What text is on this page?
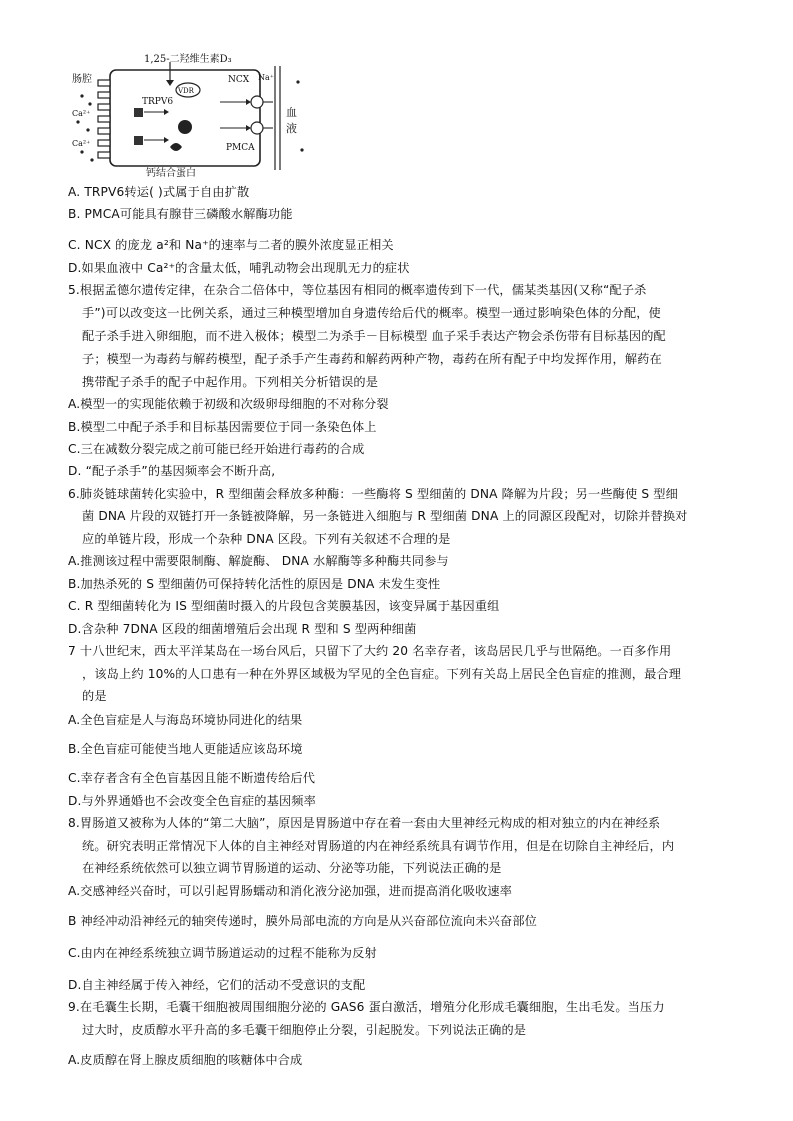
1,25-二羟维生素D₃
肠腔
VDR
TRPV6
NCX Na⁺
PMCA
Ca²⁺
Ca²⁺
血
液
钙结合蛋白
A. TRPV6转运( )式属于自由扩散
B. PMCA可能具有腺苷三磷酸水解酶功能
C. NCX 的庞龙 a²和 Na⁺的速率与二者的膜外浓度显正相关
D.如果血液中 Ca²⁺的含量太低，哺乳动物会出现肌无力的症状
5.根据孟德尔遗传定律，在杂合二倍体中，等位基因有相同的概率遗传到下一代，儒某类基因(又称“配子杀
手”)可以改变这一比例关系，通过三种模型增加自身遗传给后代的概率。模型一通过影响染色体的分配，使
配子杀手进入卵细胞，而不进入极体；模型二为杀手－目标模型 血子采手表达产物会杀伤带有目标基因的配
子；模型一为毒药与解药模型，配子杀手产生毒药和解药两种产物，毒药在所有配子中均发挥作用，解药在
携带配子杀手的配子中起作用。下列相关分析错误的是
A.模型一的实现能依赖于初级和次级卵母细胞的不对称分裂
B.模型二中配子杀手和目标基因需要位于同一条染色体上
C.三在减数分裂完成之前可能已经开始进行毒药的合成
D. “配子杀手”的基因频率会不断升高,
6.肺炎链球菌转化实验中，R 型细菌会释放多种酶：一些酶将 S 型细菌的 DNA 降解为片段；另一些酶使 S 型细
菌 DNA 片段的双链打开一条链被降解，另一条链进入细胞与 R 型细菌 DNA 上的同源区段配对，切除并替换对
应的单链片段，形成一个杂种 DNA 区段。下列有关叙述不合理的是
A.推测该过程中需要限制酶、解旋酶、 DNA 水解酶等多种酶共同参与
B.加热杀死的 S 型细菌仍可保持转化活性的原因是 DNA 未发生变性
C. R 型细菌转化为 IS 型细菌时摄入的片段包含荚膜基因，该变异属于基因重组
D.含杂种 7DNA 区段的细菌增殖后会出现 R 型和 S 型两种细菌
7 十八世纪末，西太平洋某岛在一场台风后，只留下了大约 20 名幸存者，该岛居民几乎与世隔绝。一百多作用
，该岛上约 10%的人口患有一种在外界区域极为罕见的全色盲症。下列有关岛上居民全色盲症的推测，最合理
的是
A.全色盲症是人与海岛环境协同进化的结果
B.全色盲症可能使当地人更能适应该岛环境
C.幸存者含有全色盲基因且能不断遗传给后代
D.与外界通婚也不会改变全色盲症的基因频率
8.胃肠道又被称为人体的“第二大脑”，原因是胃肠道中存在着一套由大里神经元构成的相对独立的内在神经系
统。研究表明正常情况下人体的自主神经对胃肠道的内在神经系统具有调节作用，但是在切除自主神经后，内
在神经系统依然可以独立调节胃肠道的运动、分泌等功能，下列说法正确的是
A.交感神经兴奋时，可以引起胃肠蠕动和消化液分泌加强，进而提高消化吸收速率
B 神经冲动沿神经元的轴突传递时，膜外局部电流的方向是从兴奋部位流向未兴奋部位
C.由内在神经系统独立调节肠道运动的过程不能称为反射
D.自主神经属于传入神经，它们的活动不受意识的支配
9.在毛囊生长期，毛囊干细胞被周围细胞分泌的 GAS6 蛋白激活，增殖分化形成毛囊细胞，生出毛发。当压力
过大时，皮质醇水平升高的多毛囊干细胞停止分裂，引起脱发。下列说法正确的是
A.皮质醇在肾上腺皮质细胞的咳糖体中合成
